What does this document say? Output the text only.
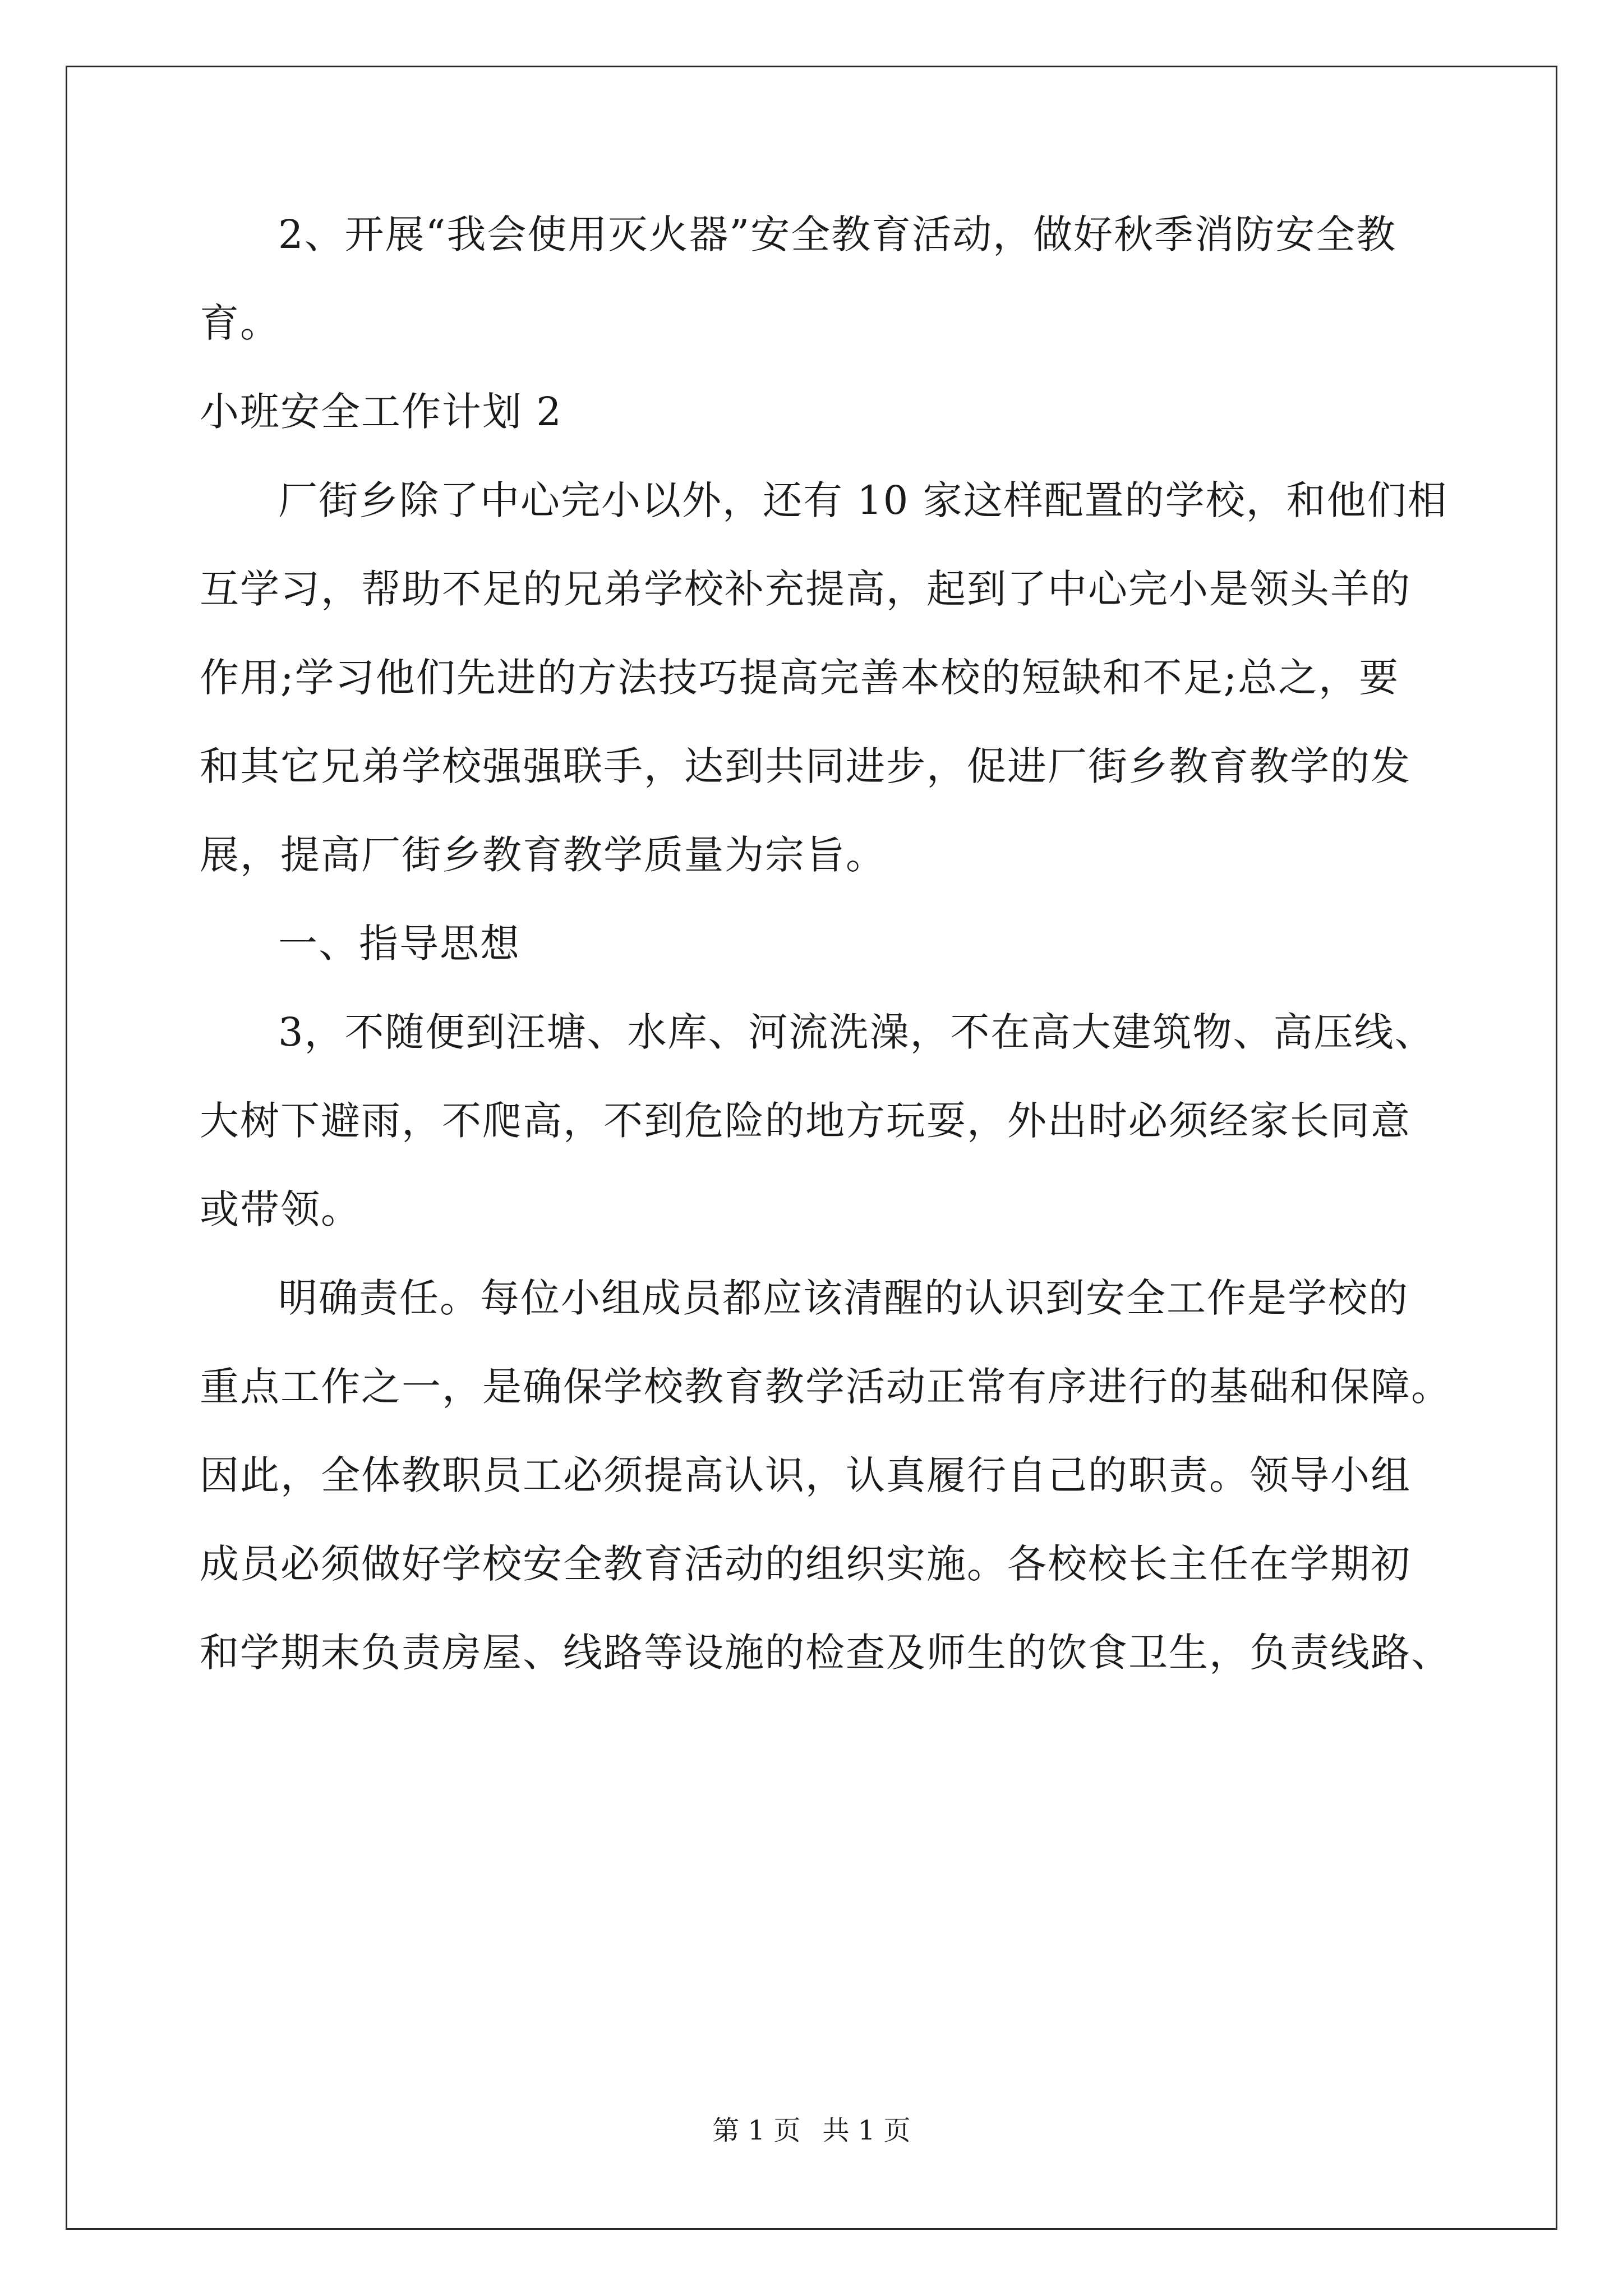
2、开展“我会使用灭火器”安全教育活动，做好秋季消防安全教

育。

小班安全工作计划 2

厂街乡除了中心完小以外，还有 10 家这样配置的学校，和他们相

互学习，帮助不足的兄弟学校补充提高，起到了中心完小是领头羊的

作用;学习他们先进的方法技巧提高完善本校的短缺和不足;总之，要

和其它兄弟学校强强联手，达到共同进步，促进厂街乡教育教学的发

展，提高厂街乡教育教学质量为宗旨。

一、指导思想

3，不随便到汪塘、水库、河流洗澡，不在高大建筑物、高压线、

大树下避雨，不爬高，不到危险的地方玩耍，外出时必须经家长同意

或带领。

明确责任。每位小组成员都应该清醒的认识到安全工作是学校的

重点工作之一，是确保学校教育教学活动正常有序进行的基础和保障。

因此，全体教职员工必须提高认识，认真履行自己的职责。领导小组

成员必须做好学校安全教育活动的组织实施。各校校长主任在学期初

和学期末负责房屋、线路等设施的检查及师生的饮食卫生，负责线路、

第 1 页 共 1 页
